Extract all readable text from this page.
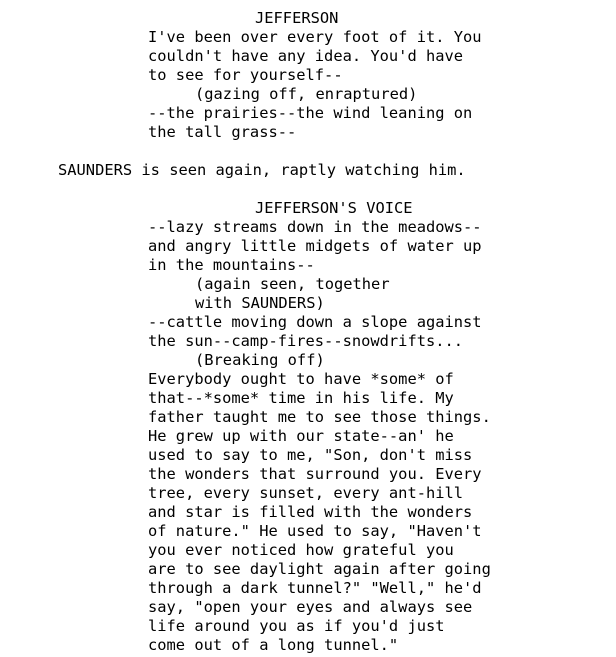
JEFFERSON
I've been over every foot of it. You
couldn't have any idea. You'd have
to see for yourself--
(gazing off, enraptured)
--the prairies--the wind leaning on
the tall grass--
SAUNDERS is seen again, raptly watching him.
JEFFERSON'S VOICE
--lazy streams down in the meadows--
and angry little midgets of water up
in the mountains--
(again seen, together
with SAUNDERS)
--cattle moving down a slope against
the sun--camp-fires--snowdrifts...
(Breaking off)
Everybody ought to have *some* of
that--*some* time in his life. My
father taught me to see those things.
He grew up with our state--an' he
used to say to me, "Son, don't miss
the wonders that surround you. Every
tree, every sunset, every ant-hill
and star is filled with the wonders
of nature." He used to say, "Haven't
you ever noticed how grateful you
are to see daylight again after going
through a dark tunnel?" "Well," he'd
say, "open your eyes and always see
life around you as if you'd just
come out of a long tunnel."
